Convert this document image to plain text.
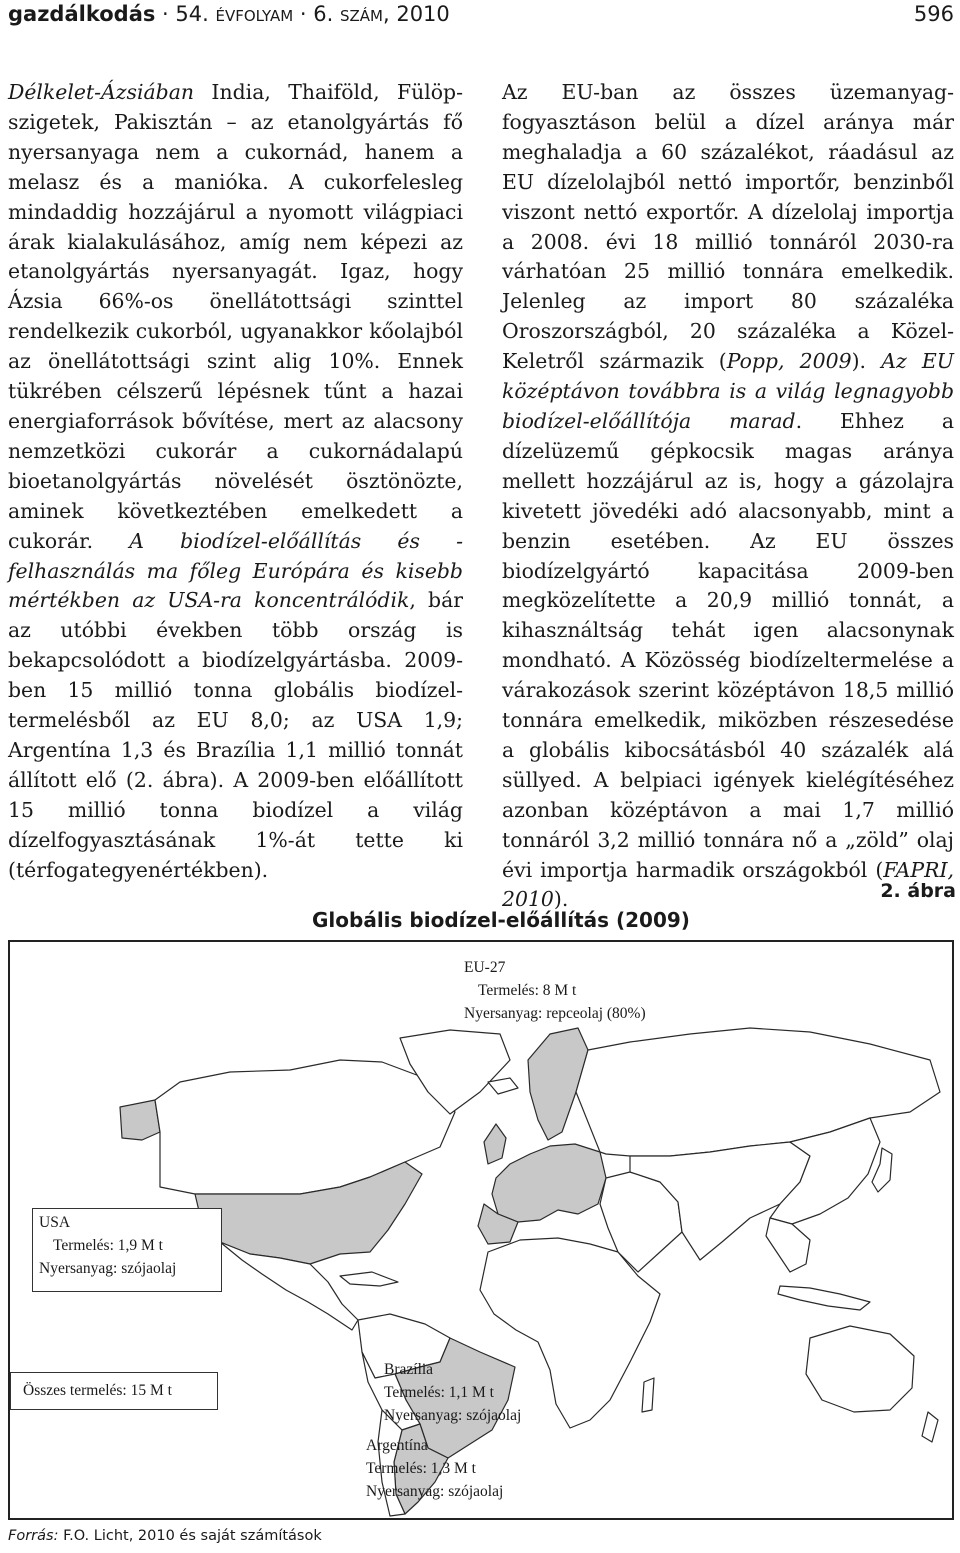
gazdálkodás · 54. évfolyam · 6. szám, 2010	596

Délkelet-Ázsiában India, Thaiföld, Fülöp-szigetek, Pakisztán – az etanolgyártás fő nyersanyaga nem a cukornád, hanem a melasz és a manióka. A cukorfelesleg mindaddig hozzájárul a nyomott világpiaci árak kialakulásához, amíg nem képezi az etanolgyártás nyersanyagát. Igaz, hogy Ázsia 66%-os önellátottsági szinttel rendelkezik cukorból, ugyanakkor kőolajból az önellátottsági szint alig 10%. Ennek tükrében célszerű lépésnek tűnt a hazai energiaforrások bővítése, mert az alacsony nemzetközi cukorár a cukornádalapú bioetanolgyártás növelését ösztönözte, aminek következtében emelkedett a cukorár. A biodízel-előállítás és -felhasználás ma főleg Európára és kisebb mértékben az USA-ra koncentrálódik, bár az utóbbi években több ország is bekapcsolódott a biodízelgyártásba. 2009-ben 15 millió tonna globális biodízel-termelésből az EU 8,0; az USA 1,9; Argentína 1,3 és Brazília 1,1 millió tonnát állított elő (2. ábra). A 2009-ben előállított 15 millió tonna biodízel a világ dízelfogyasztásának 1%-át tette ki (térfogategyenértékben).

Az EU-ban az összes üzemanyag-fogyasztáson belül a dízel aránya már meghaladja a 60 százalékot, ráadásul az EU dízelolajból nettó importőr, benzinből viszont nettó exportőr. A dízelolaj importja a 2008. évi 18 millió tonnáról 2030-ra várhatóan 25 millió tonnára emelkedik. Jelenleg az import 80 százaléka Oroszországból, 20 százaléka a Közel-Keletről származik (Popp, 2009). Az EU középtávon továbbra is a világ legnagyobb biodízel-előállítója marad. Ehhez a dízelüzemű gépkocsik magas aránya mellett hozzájárul az is, hogy a gázolajra kivetett jövedéki adó alacsonyabb, mint a benzin esetében. Az EU összes biodízelgyártó kapacitása 2009-ben megközelítette a 20,9 millió tonnát, a kihasználtság tehát igen alacsonynak mondható. A Közösség biodízeltermelése a várakozások szerint középtávon 18,5 millió tonnára emelkedik, miközben részesedése a globális kibocsátásból 40 százalék alá süllyed. A belpiaci igények kielégítéséhez azonban középtávon a mai 1,7 millió tonnáról 3,2 millió tonnára nő a „zöld” olaj évi importja harmadik országokból (FAPRI, 2010).	2. ábra
Globális biodízel-előállítás (2009)
EU-27
Termelés: 8 M t
Nyersanyag: repceolaj (80%)
USA
Termelés: 1,9 M t
Nyersanyag: szójaolaj
Összes termelés: 15 M t
Brazília
Termelés: 1,1 M t
Nyersanyag: szójaolaj
Argentína
Termelés: 1,3 M t
Nyersanyag: szójaolaj
Forrás: F.O. Licht, 2010 és saját számítások
